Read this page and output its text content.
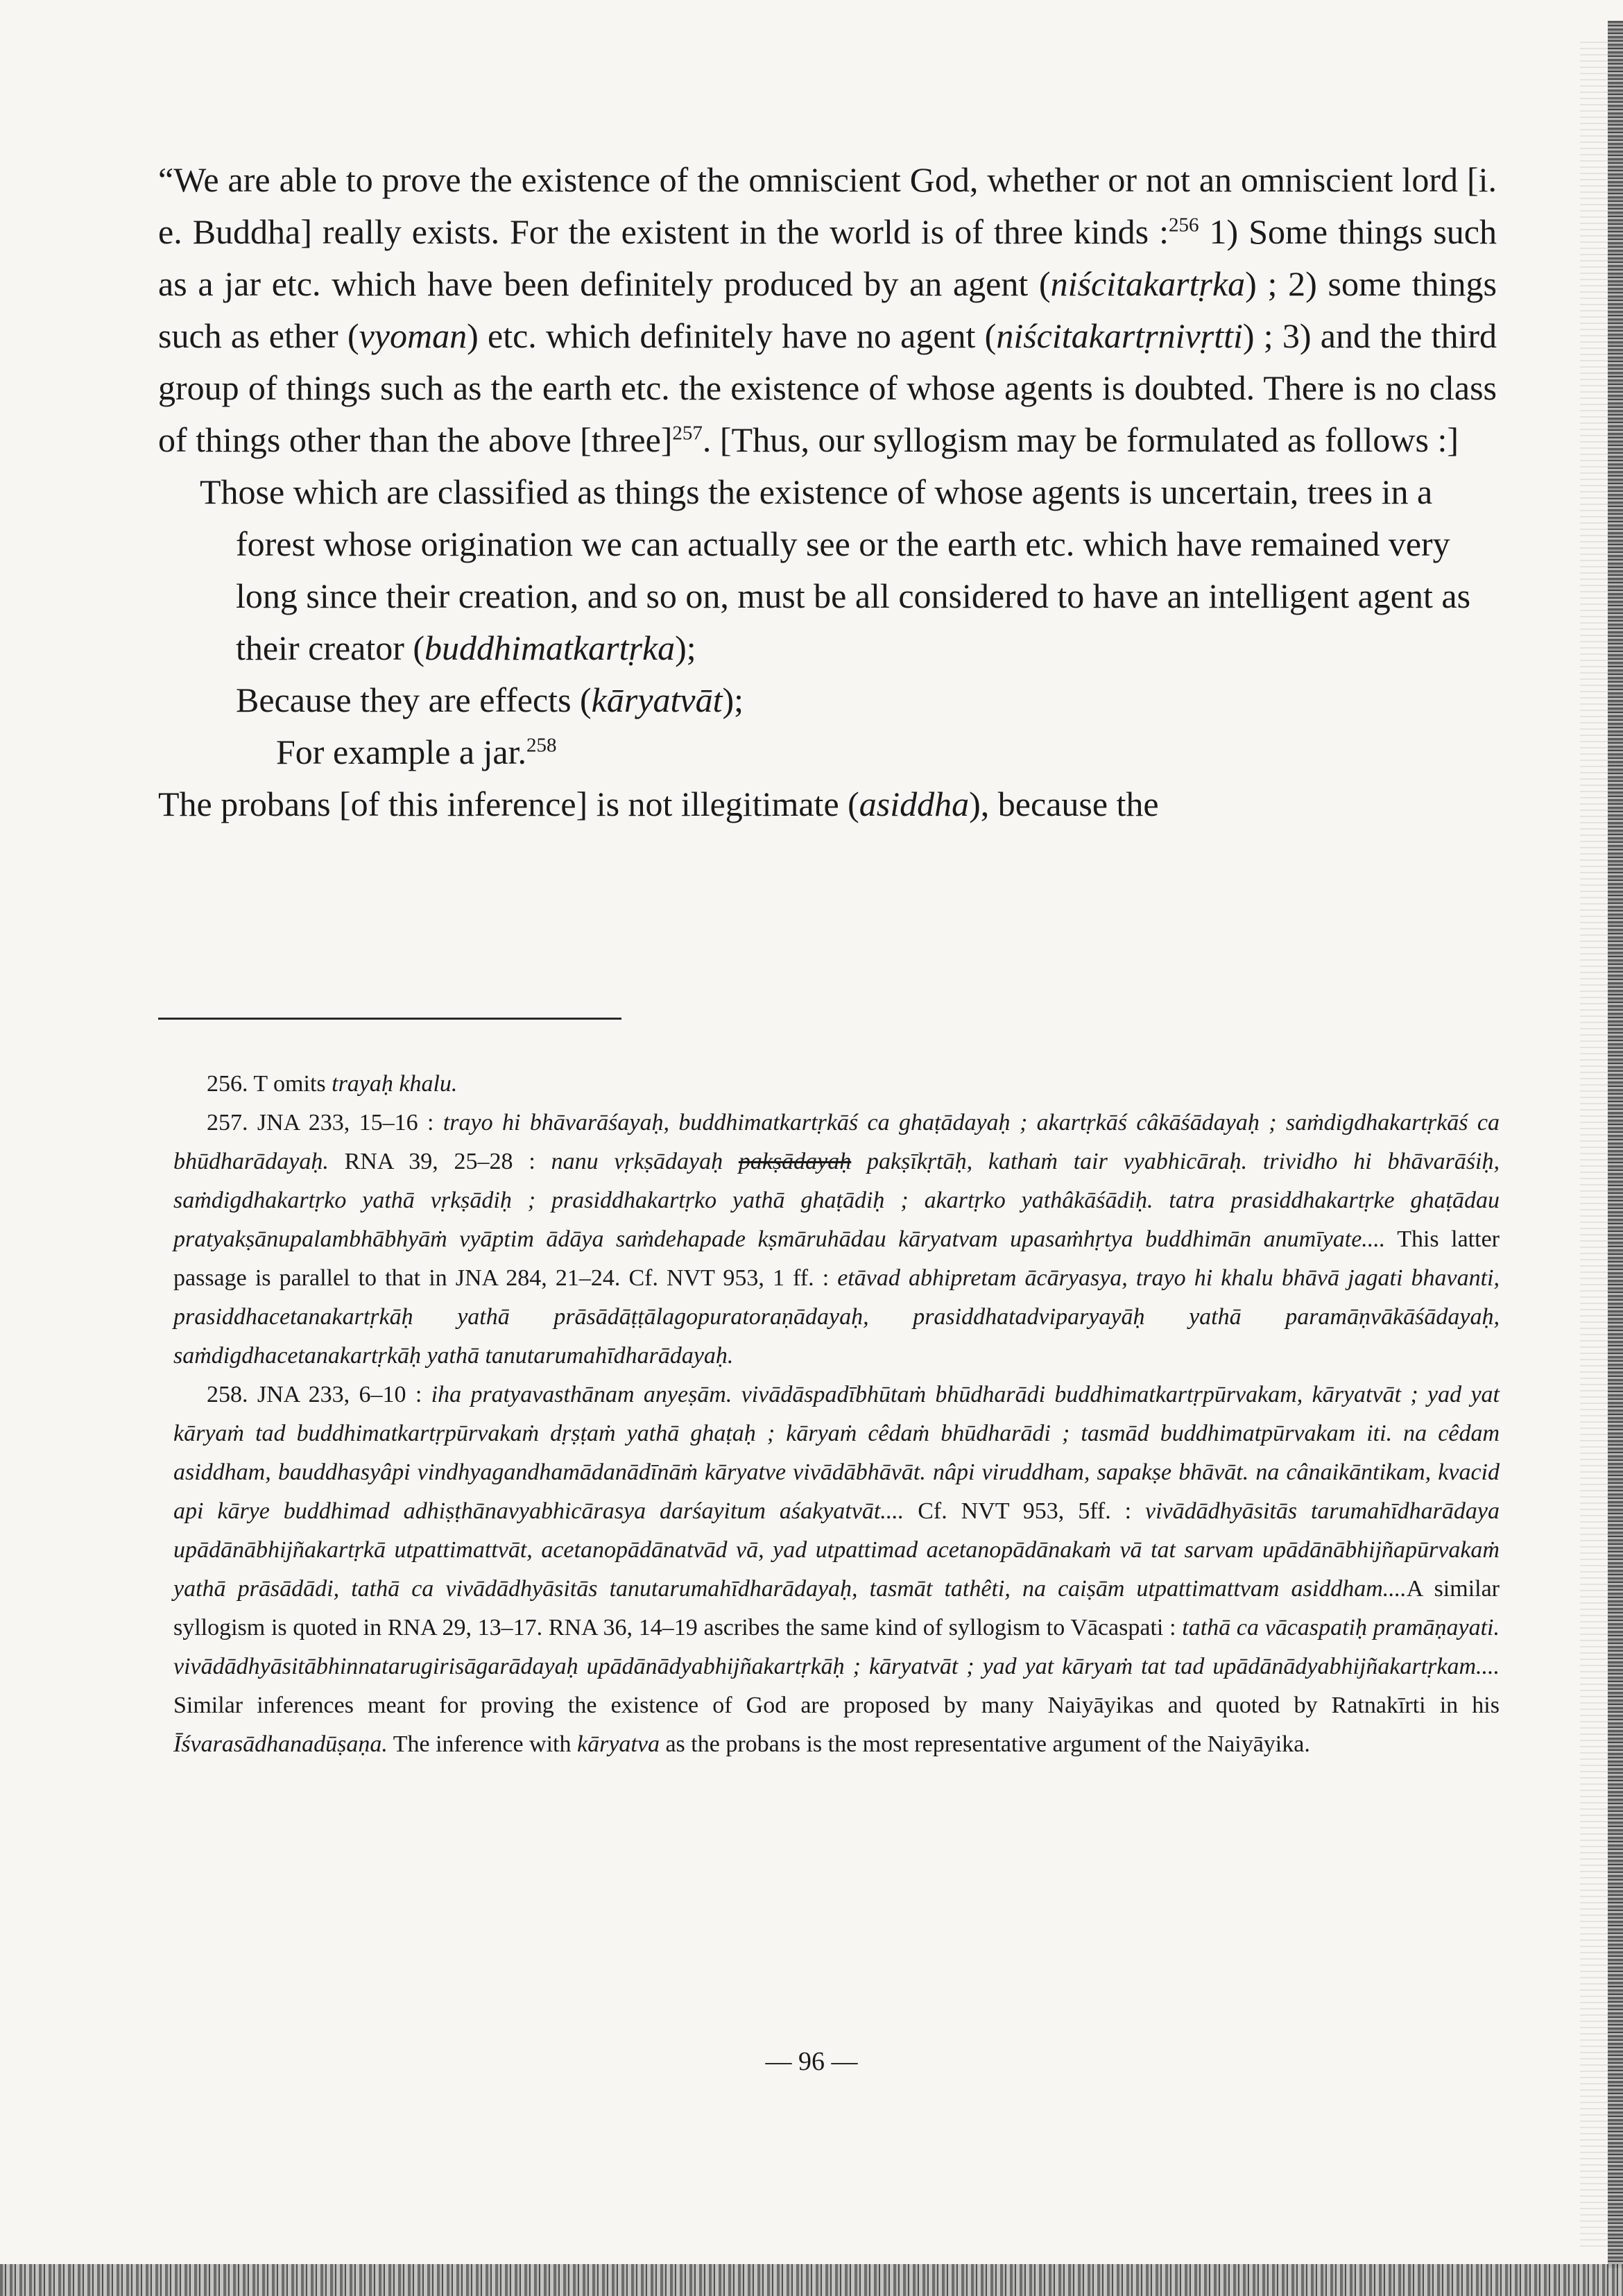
“We are able to prove the existence of the omniscient God, whether or not an omniscient lord [i. e. Buddha] really exists. For the existent in the world is of three kinds :$^{256}$ 1) Some things such as a jar etc. which have been definitely produced by an agent (niścitakartṛka) ; 2) some things such as ether (vyoman) etc. which definitely have no agent (niścitakartṛnivṛtti) ; 3) and the third group of things such as the earth etc. the existence of whose agents is doubted. There is no class of things other than the above [three]$^{257}$. [Thus, our syllogism may be formulated as follows :]

Those which are classified as things the existence of whose agents is uncertain, trees in a forest whose origination we can actually see or the earth etc. which have remained very long since their creation, and so on, must be all considered to have an intelligent agent as their creator (buddhimatkartṛka);

Because they are effects (kāryatvāt);

For example a jar.$^{258}$

The probans [of this inference] is not illegitimate (asiddha), because the

256. T omits trayaḥ khalu.

257. JNA 233, 15–16 : trayo hi bhāvarāśayaḥ, buddhimatkartṛkāś ca ghaṭādayaḥ ; akartṛkāś câkāśādayaḥ ; saṁdigdhakartṛkāś ca bhūdharādayaḥ. RNA 39, 25–28 : nanu vṛkṣādayaḥ pakṣādayaḥ pakṣīkṛtāḥ, kathaṁ tair vyabhicāraḥ. trividho hi bhāvarāśiḥ, saṁdigdhakartṛko yathā vṛkṣādiḥ ; prasiddhakartṛko yathā ghaṭādiḥ ; akartṛko yathâkāśādiḥ. tatra prasiddhakartṛke ghaṭādau pratyakṣānupalambhābhyāṁ vyāptim ādāya saṁdehapade kṣmāruhādau kāryatvam upasaṁhṛtya buddhimān anumīyate.... This latter passage is parallel to that in JNA 284, 21–24. Cf. NVT 953, 1 ff. : etāvad abhipretam ācāryasya, trayo hi khalu bhāvā jagati bhavanti, prasiddhacetanakartṛkāḥ yathā prāsādāṭṭālagopuratoraṇādayaḥ, prasiddhatadviparyayāḥ yathā paramāṇvākāśādayaḥ, saṁdigdhacetanakartṛkāḥ yathā tanutarumahīdharādayaḥ.

258. JNA 233, 6–10 : iha pratyavasthānam anyeṣām. vivādāspadībhūtaṁ bhūdharādi buddhimatkartṛpūrvakam, kāryatvāt ; yad yat kāryaṁ tad buddhimatkartṛpūrvakaṁ dṛṣṭaṁ yathā ghaṭaḥ ; kāryaṁ cêdaṁ bhūdharādi ; tasmād buddhimatpūrvakam iti. na cêdam asiddham, bauddhasyâpi vindhyagandhamādanādīnāṁ kāryatve vivādābhāvāt. nâpi viruddham, sapakṣe bhāvāt. na cânaikāntikam, kvacid api kārye buddhimad adhiṣṭhānavyabhicārasya darśayitum aśakyatvāt.... Cf. NVT 953, 5ff. : vivādādhyāsitās tarumahīdharādaya upādānābhijñakartṛkā utpattimattvāt, acetanopādānatvād vā, yad utpattimad acetanopādānakaṁ vā tat sarvam upādānābhijñapūrvakaṁ yathā prāsādādi, tathā ca vivādādhyāsitās tanutarumahīdharādayaḥ, tasmāt tathêti, na caiṣām utpattimattvam asiddham....A similar syllogism is quoted in RNA 29, 13–17. RNA 36, 14–19 ascribes the same kind of syllogism to Vācaspati : tathā ca vācaspatiḥ pramāṇayati. vivādādhyāsitābhinnatarugirisāgarādayaḥ upādānādyabhijñakartṛkāḥ ; kāryatvāt ; yad yat kāryaṁ tat tad upādānādyabhijñakartṛkam.... Similar inferences meant for proving the existence of God are proposed by many Naiyāyikas and quoted by Ratnakīrti in his Īśvarasādhanadūṣaṇa. The inference with kāryatva as the probans is the most representative argument of the Naiyāyika.

— 96 —
